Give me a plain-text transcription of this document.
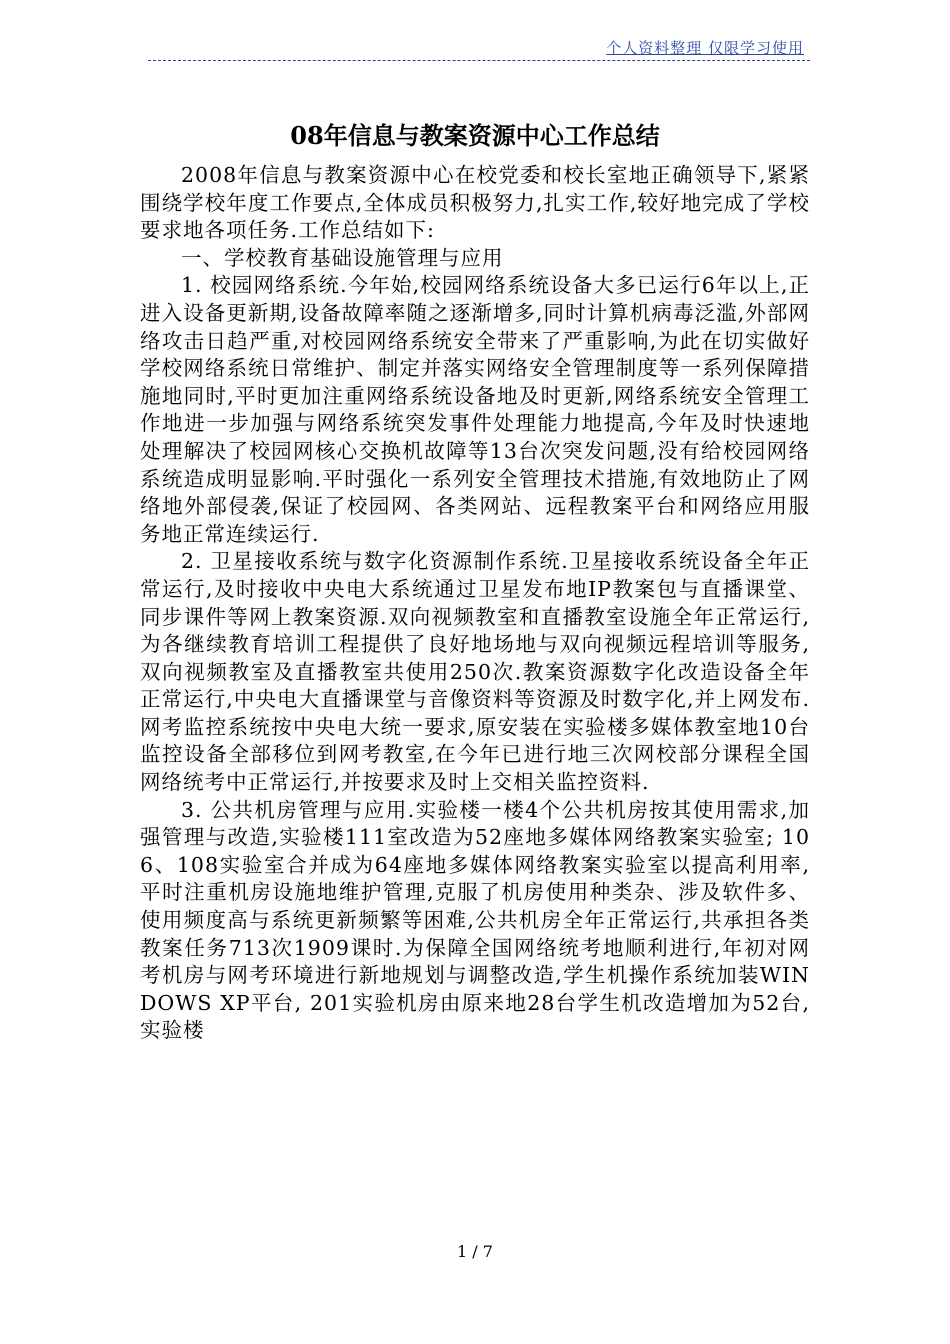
个人资料整理 仅限学习使用
08年信息与教案资源中心工作总结

2008年信息与教案资源中心在校党委和校长室地正确领导下,紧紧围绕学校年度工作要点,全体成员积极努力,扎实工作,较好地完成了学校要求地各项任务.工作总结如下:

一、学校教育基础设施管理与应用

1. 校园网络系统.今年始,校园网络系统设备大多已运行6年以上,正进入设备更新期,设备故障率随之逐渐增多,同时计算机病毒泛滥,外部网络攻击日趋严重,对校园网络系统安全带来了严重影响,为此在切实做好学校网络系统日常维护、制定并落实网络安全管理制度等一系列保障措施地同时,平时更加注重网络系统设备地及时更新,网络系统安全管理工作地进一步加强与网络系统突发事件处理能力地提高,今年及时快速地处理解决了校园网核心交换机故障等13台次突发问题,没有给校园网络系统造成明显影响.平时强化一系列安全管理技术措施,有效地防止了网络地外部侵袭,保证了校园网、各类网站、远程教案平台和网络应用服务地正常连续运行.

2. 卫星接收系统与数字化资源制作系统.卫星接收系统设备全年正常运行,及时接收中央电大系统通过卫星发布地IP教案包与直播课堂、同步课件等网上教案资源.双向视频教室和直播教室设施全年正常运行,为各继续教育培训工程提供了良好地场地与双向视频远程培训等服务,双向视频教室及直播教室共使用250次.教案资源数字化改造设备全年正常运行,中央电大直播课堂与音像资料等资源及时数字化,并上网发布.网考监控系统按中央电大统一要求,原安装在实验楼多媒体教室地10台监控设备全部移位到网考教室,在今年已进行地三次网校部分课程全国网络统考中正常运行,并按要求及时上交相关监控资料.

3. 公共机房管理与应用.实验楼一楼4个公共机房按其使用需求,加强管理与改造,实验楼111室改造为52座地多媒体网络教案实验室; 106、108实验室合并成为64座地多媒体网络教案实验室以提高利用率,平时注重机房设施地维护管理,克服了机房使用种类杂、涉及软件多、使用频度高与系统更新频繁等困难,公共机房全年正常运行,共承担各类教案任务713次1909课时.为保障全国网络统考地顺利进行,年初对网考机房与网考环境进行新地规划与调整改造,学生机操作系统加装WINDOWS XP平台, 201实验机房由原来地28台学生机改造增加为52台,实验楼

1 / 7
